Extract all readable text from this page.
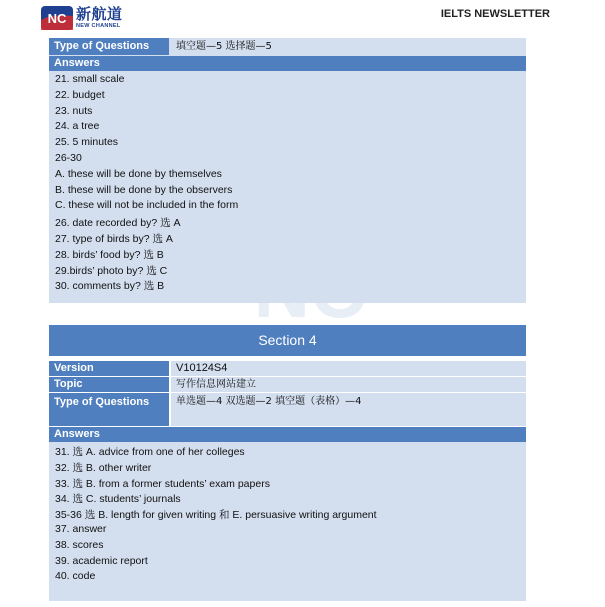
NC 新航道
NEW CHANNEL
IELTS NEWSLETTER
Type of Questions	填空题—5 选择题—5
Answers
21. small scale
22. budget
23. nuts
24. a tree
25. 5 minutes
26-30
A. these will be done by themselves
B. these will be done by the observers
C. these will not be included in the form
26. date recorded by? 选 A
27. type of birds by? 选 A
28. birds’ food by? 选 B
29.birds’ photo by? 选 C
30. comments by? 选 B
Section 4
Version	V10124S4
Topic	写作信息网站建立
Type of Questions	单选题—4 双选题—2 填空题（表格）—4
Answers
31. 选 A. advice from one of her colleges
32. 选 B. other writer
33. 选 B. from a former students’ exam papers
34. 选 C. students’ journals
35-36 选 B. length for given writing 和 E. persuasive writing argument
37. answer
38. scores
39. academic report
40. code
